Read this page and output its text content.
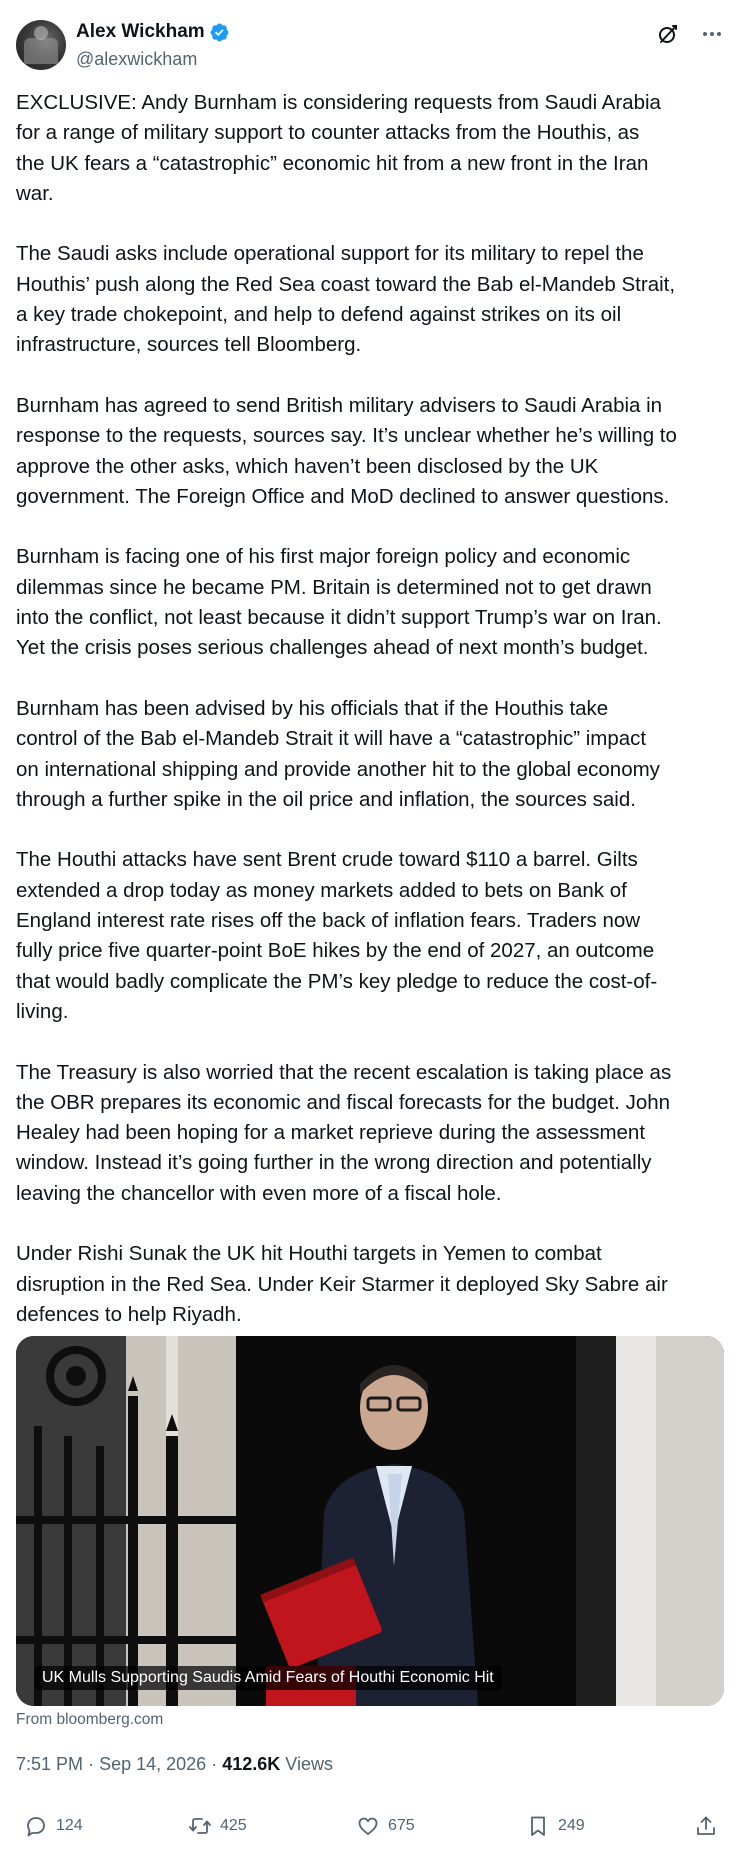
Alex Wickham
@alexwickham

EXCLUSIVE: Andy Burnham is considering requests from Saudi Arabia
for a range of military support to counter attacks from the Houthis, as
the UK fears a “catastrophic” economic hit from a new front in the Iran
war.

The Saudi asks include operational support for its military to repel the
Houthis’ push along the Red Sea coast toward the Bab el-Mandeb Strait,
a key trade chokepoint, and help to defend against strikes on its oil
infrastructure, sources tell Bloomberg.

Burnham has agreed to send British military advisers to Saudi Arabia in
response to the requests, sources say. It’s unclear whether he’s willing to
approve the other asks, which haven’t been disclosed by the UK
government. The Foreign Office and MoD declined to answer questions.

Burnham is facing one of his first major foreign policy and economic
dilemmas since he became PM. Britain is determined not to get drawn
into the conflict, not least because it didn’t support Trump’s war on Iran.
Yet the crisis poses serious challenges ahead of next month’s budget.

Burnham has been advised by his officials that if the Houthis take
control of the Bab el-Mandeb Strait it will have a “catastrophic” impact
on international shipping and provide another hit to the global economy
through a further spike in the oil price and inflation, the sources said.

The Houthi attacks have sent Brent crude toward $110 a barrel. Gilts
extended a drop today as money markets added to bets on Bank of
England interest rate rises off the back of inflation fears. Traders now
fully price five quarter-point BoE hikes by the end of 2027, an outcome
that would badly complicate the PM’s key pledge to reduce the cost-of-
living.

The Treasury is also worried that the recent escalation is taking place as
the OBR prepares its economic and fiscal forecasts for the budget. John
Healey had been hoping for a market reprieve during the assessment
window. Instead it’s going further in the wrong direction and potentially
leaving the chancellor with even more of a fiscal hole.

Under Rishi Sunak the UK hit Houthi targets in Yemen to combat
disruption in the Red Sea. Under Keir Starmer it deployed Sky Sabre air
defences to help Riyadh.

UK Mulls Supporting Saudis Amid Fears of Houthi Economic Hit
From bloomberg.com
7:51 PM · Sep 14, 2026 · 412.6K Views
124	425	675	249
